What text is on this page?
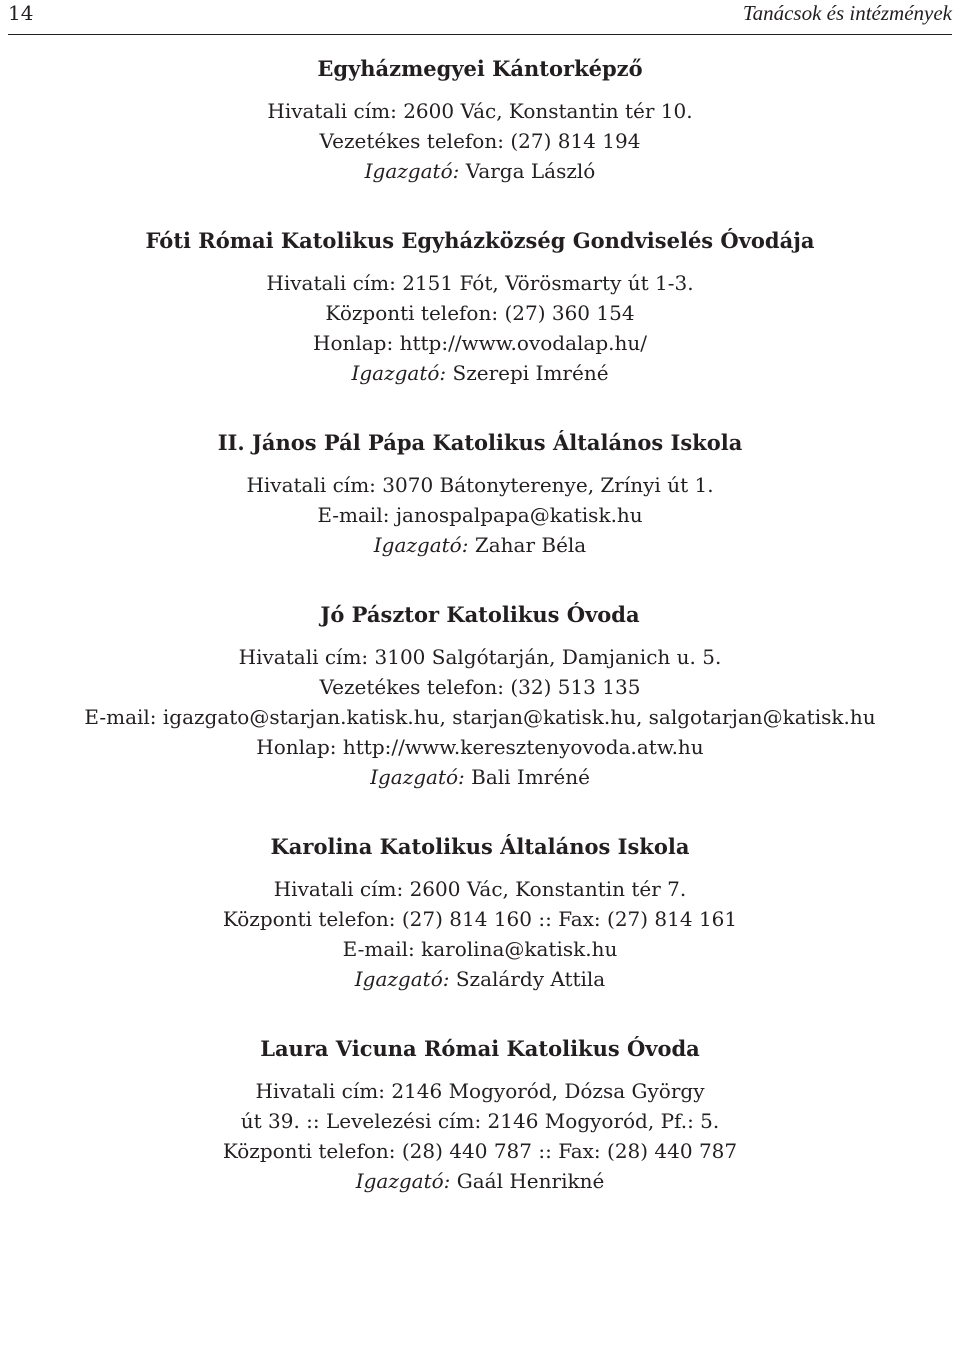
14	Tanácsok és intézmények
Egyházmegyei Kántorképző
Hivatali cím: 2600 Vác, Konstantin tér 10.
Vezetékes telefon: (27) 814 194
Igazgató: Varga László
Fóti Római Katolikus Egyházközség Gondviselés Óvodája
Hivatali cím: 2151 Fót, Vörösmarty út 1-3.
Központi telefon: (27) 360 154
Honlap: http://www.ovodalap.hu/
Igazgató: Szerepi Imréné
II. János Pál Pápa Katolikus Általános Iskola
Hivatali cím: 3070 Bátonyterenye, Zrínyi út 1.
E-mail: janospalpapa@katisk.hu
Igazgató: Zahar Béla
Jó Pásztor Katolikus Óvoda
Hivatali cím: 3100 Salgótarján, Damjanich u. 5.
Vezetékes telefon: (32) 513 135
E-mail: igazgato@starjan.katisk.hu, starjan@katisk.hu, salgotarjan@katisk.hu
Honlap: http://www.keresztenyovoda.atw.hu
Igazgató: Bali Imréné
Karolina Katolikus Általános Iskola
Hivatali cím: 2600 Vác, Konstantin tér 7.
Központi telefon: (27) 814 160 :: Fax: (27) 814 161
E-mail: karolina@katisk.hu
Igazgató: Szalárdy Attila
Laura Vicuna Római Katolikus Óvoda
Hivatali cím: 2146 Mogyoród, Dózsa György
út 39. :: Levelezési cím: 2146 Mogyoród, Pf.: 5.
Központi telefon: (28) 440 787 :: Fax: (28) 440 787
Igazgató: Gaál Henrikné
